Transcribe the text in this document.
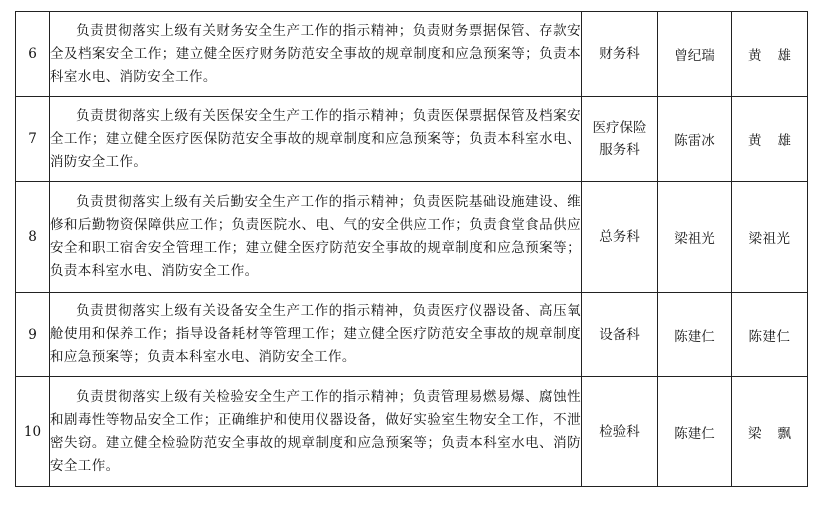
6	负责贯彻落实上级有关财务安全生产工作的指示精神；负责财务票据保管、存款安全及档案安全工作；建立健全医疗财务防范安全事故的规章制度和应急预案等；负责本科室水电、消防安全工作。	财务科	曾纪瑞	黄雄
7	负责贯彻落实上级有关医保安全生产工作的指示精神；负责医保票据保管及档案安全工作；建立健全医疗医保防范安全事故的规章制度和应急预案等；负责本科室水电、消防安全工作。	医疗保险服务科	陈雷冰	黄雄
8	负责贯彻落实上级有关后勤安全生产工作的指示精神；负责医院基础设施建设、维修和后勤物资保障供应工作；负责医院水、电、气的安全供应工作；负责食堂食品供应安全和职工宿舍安全管理工作；建立健全医疗防范安全事故的规章制度和应急预案等；负责本科室水电、消防安全工作。	总务科	梁祖光	梁祖光
9	负责贯彻落实上级有关设备安全生产工作的指示精神，负责医疗仪器设备、高压氧舱使用和保养工作；指导设备耗材等管理工作；建立健全医疗防范安全事故的规章制度和应急预案等；负责本科室水电、消防安全工作。	设备科	陈建仁	陈建仁
10	负责贯彻落实上级有关检验安全生产工作的指示精神；负责管理易燃易爆、腐蚀性和剧毒性等物品安全工作；正确维护和使用仪器设备，做好实验室生物安全工作，不泄密失窃。建立健全检验防范安全事故的规章制度和应急预案等；负责本科室水电、消防安全工作。	检验科	陈建仁	梁飘
